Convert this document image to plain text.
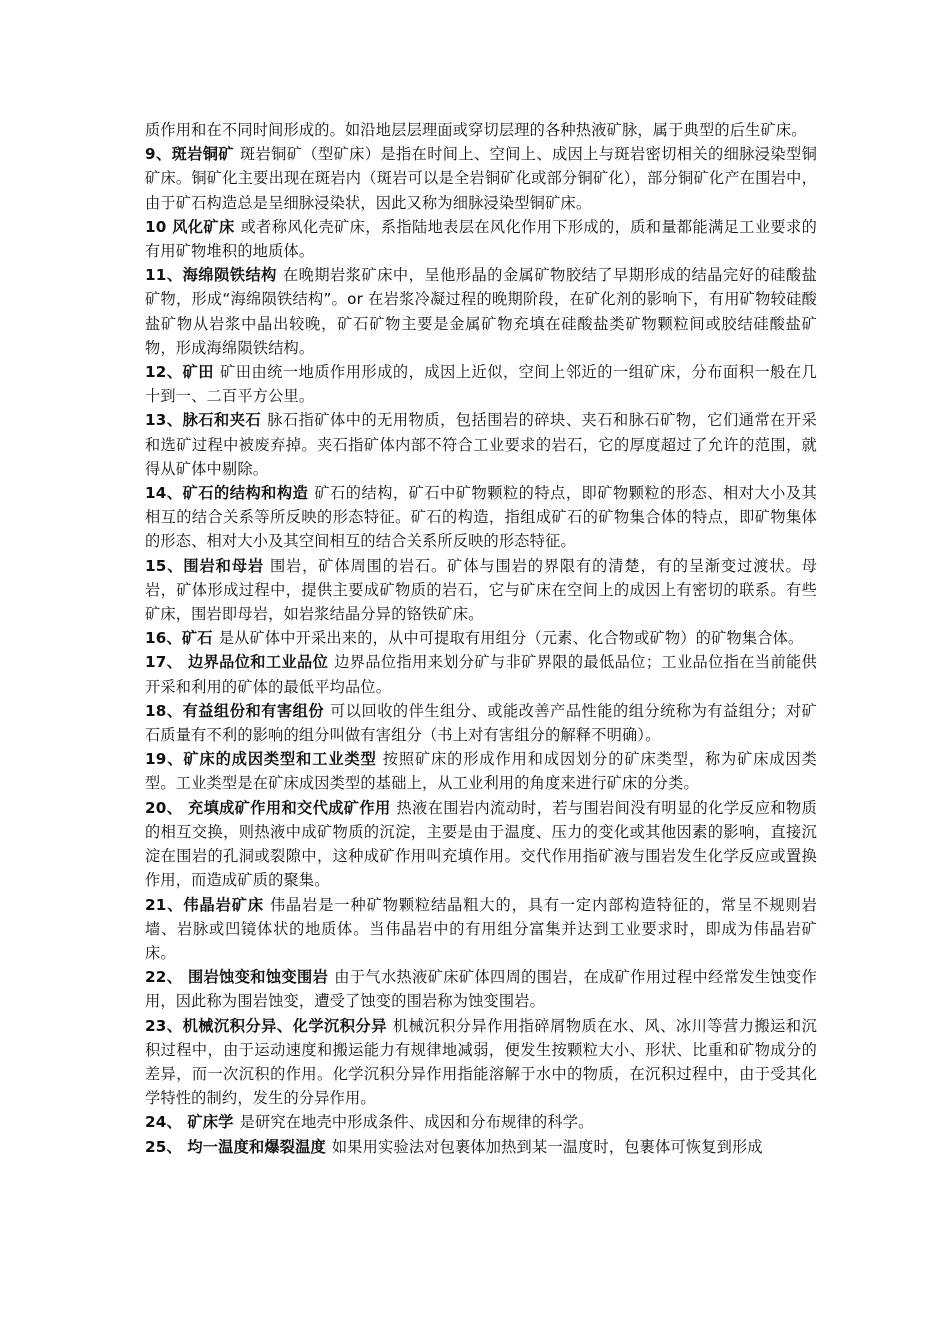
质作用和在不同时间形成的。如沿地层层理面或穿切层理的各种热液矿脉，属于典型的后生矿床。

9、斑岩铜矿 斑岩铜矿（型矿床）是指在时间上、空间上、成因上与斑岩密切相关的细脉浸染型铜矿床。铜矿化主要出现在斑岩内（斑岩可以是全岩铜矿化或部分铜矿化），部分铜矿化产在围岩中，由于矿石构造总是呈细脉浸染状，因此又称为细脉浸染型铜矿床。

10 风化矿床 或者称风化壳矿床，系指陆地表层在风化作用下形成的，质和量都能满足工业要求的有用矿物堆积的地质体。

11、海绵陨铁结构 在晚期岩浆矿床中，呈他形晶的金属矿物胶结了早期形成的结晶完好的硅酸盐矿物，形成“海绵陨铁结构”。or 在岩浆冷凝过程的晚期阶段，在矿化剂的影响下，有用矿物较硅酸盐矿物从岩浆中晶出较晚，矿石矿物主要是金属矿物充填在硅酸盐类矿物颗粒间或胶结硅酸盐矿物，形成海绵陨铁结构。

12、矿田 矿田由统一地质作用形成的，成因上近似，空间上邻近的一组矿床，分布面积一般在几十到一、二百平方公里。

13、脉石和夹石 脉石指矿体中的无用物质，包括围岩的碎块、夹石和脉石矿物，它们通常在开采和选矿过程中被废弃掉。夹石指矿体内部不符合工业要求的岩石，它的厚度超过了允许的范围，就得从矿体中剔除。

14、矿石的结构和构造 矿石的结构，矿石中矿物颗粒的特点，即矿物颗粒的形态、相对大小及其相互的结合关系等所反映的形态特征。矿石的构造，指组成矿石的矿物集合体的特点，即矿物集体的形态、相对大小及其空间相互的结合关系所反映的形态特征。

15、围岩和母岩 围岩，矿体周围的岩石。矿体与围岩的界限有的清楚，有的呈渐变过渡状。母岩，矿体形成过程中，提供主要成矿物质的岩石，它与矿床在空间上的成因上有密切的联系。有些矿床，围岩即母岩，如岩浆结晶分异的铬铁矿床。

16、矿石 是从矿体中开采出来的，从中可提取有用组分（元素、化合物或矿物）的矿物集合体。

17、 边界品位和工业品位 边界品位指用来划分矿与非矿界限的最低品位；工业品位指在当前能供开采和利用的矿体的最低平均品位。

18、有益组份和有害组份 可以回收的伴生组分、或能改善产品性能的组分统称为有益组分；对矿石质量有不利的影响的组分叫做有害组分（书上对有害组分的解释不明确）。

19、矿床的成因类型和工业类型 按照矿床的形成作用和成因划分的矿床类型，称为矿床成因类型。工业类型是在矿床成因类型的基础上，从工业利用的角度来进行矿床的分类。

20、 充填成矿作用和交代成矿作用 热液在围岩内流动时，若与围岩间没有明显的化学反应和物质的相互交换，则热液中成矿物质的沉淀，主要是由于温度、压力的变化或其他因素的影响，直接沉淀在围岩的孔洞或裂隙中，这种成矿作用叫充填作用。交代作用指矿液与围岩发生化学反应或置换作用，而造成矿质的聚集。

21、伟晶岩矿床 伟晶岩是一种矿物颗粒结晶粗大的，具有一定内部构造特征的，常呈不规则岩墙、岩脉或凹镜体状的地质体。当伟晶岩中的有用组分富集并达到工业要求时，即成为伟晶岩矿床。

22、 围岩蚀变和蚀变围岩 由于气水热液矿床矿体四周的围岩，在成矿作用过程中经常发生蚀变作用，因此称为围岩蚀变，遭受了蚀变的围岩称为蚀变围岩。

23、机械沉积分异、化学沉积分异 机械沉积分异作用指碎屑物质在水、风、冰川等营力搬运和沉积过程中，由于运动速度和搬运能力有规律地减弱，便发生按颗粒大小、形状、比重和矿物成分的差异，而一次沉积的作用。化学沉积分异作用指能溶解于水中的物质，在沉积过程中，由于受其化学特性的制约，发生的分异作用。

24、 矿床学 是研究在地壳中形成条件、成因和分布规律的科学。

25、 均一温度和爆裂温度 如果用实验法对包裹体加热到某一温度时，包裹体可恢复到形成
